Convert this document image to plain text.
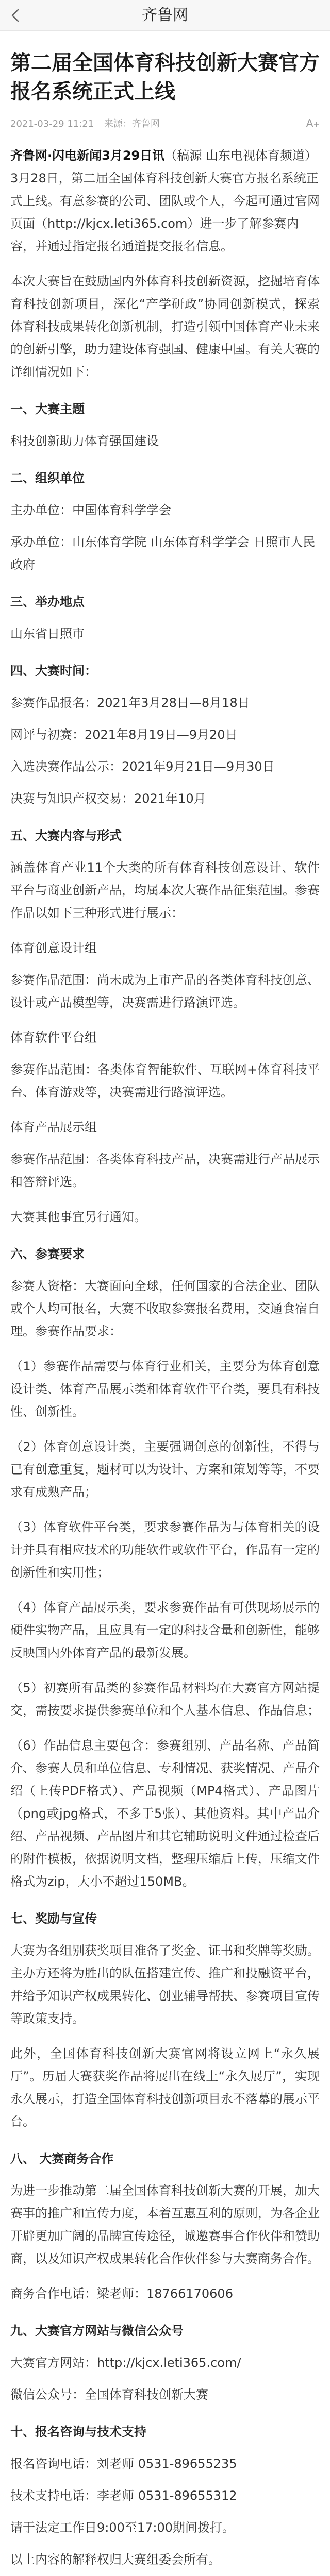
齐鲁网
第二届全国体育科技创新大赛官方报名系统正式上线
2021-03-29 11:21 来源：齐鲁网	A+

齐鲁网·闪电新闻3月29日讯（稿源 山东电视体育频道）3月28日，第二届全国体育科技创新大赛官方报名系统正式上线。有意参赛的公司、团队或个人，今起可通过官网页面（http://kjcx.leti365.com）进一步了解参赛内容，并通过指定报名通道提交报名信息。

本次大赛旨在鼓励国内外体育科技创新资源，挖掘培育体育科技创新项目，深化“产学研政”协同创新模式，探索体育科技成果转化创新机制，打造引领中国体育产业未来的创新引擎，助力建设体育强国、健康中国。有关大赛的详细情况如下：

一、大赛主题
科技创新助力体育强国建设
二、组织单位
主办单位：中国体育科学学会
承办单位：山东体育学院 山东体育科学学会 日照市人民政府
三、举办地点
山东省日照市
四、大赛时间：
参赛作品报名：2021年3月28日—8月18日
网评与初赛：2021年8月19日—9月20日
入选决赛作品公示：2021年9月21日—9月30日
决赛与知识产权交易：2021年10月
五、大赛内容与形式

涵盖体育产业11个大类的所有体育科技创意设计、软件平台与商业创新产品，均属本次大赛作品征集范围。参赛作品以如下三种形式进行展示：

体育创意设计组

参赛作品范围：尚未成为上市产品的各类体育科技创意、设计或产品模型等，决赛需进行路演评选。

体育软件平台组

参赛作品范围：各类体育智能软件、互联网+体育科技平台、体育游戏等，决赛需进行路演评选。

体育产品展示组

参赛作品范围：各类体育科技产品，决赛需进行产品展示和答辩评选。

大赛其他事宜另行通知。

六、参赛要求

参赛人资格：大赛面向全球，任何国家的合法企业、团队或个人均可报名，大赛不收取参赛报名费用，交通食宿自理。参赛作品要求：

（1）参赛作品需要与体育行业相关，主要分为体育创意设计类、体育产品展示类和体育软件平台类，要具有科技性、创新性。

（2）体育创意设计类，主要强调创意的创新性，不得与已有创意重复，题材可以为设计、方案和策划等等，不要求有成熟产品；

（3）体育软件平台类，要求参赛作品为与体育相关的设计并具有相应技术的功能软件或软件平台，作品有一定的创新性和实用性；

（4）体育产品展示类，要求参赛作品有可供现场展示的硬件实物产品，且应具有一定的科技含量和创新性，能够反映国内外体育产品的最新发展。

（5）初赛所有品类的参赛作品材料均在大赛官方网站提交，需按要求提供参赛单位和个人基本信息、作品信息；

（6）作品信息主要包含：参赛组别、产品名称、产品简介、参赛人员和单位信息、专利情况、获奖情况、产品介绍（上传PDF格式）、产品视频（MP4格式）、产品图片（png或jpg格式，不多于5张）、其他资料。其中产品介绍、产品视频、产品图片和其它辅助说明文件通过检查后的附件模板，依据说明文档，整理压缩后上传，压缩文件格式为zip，大小不超过150MB。

七、奖励与宣传

大赛为各组别获奖项目准备了奖金、证书和奖牌等奖励。主办方还将为胜出的队伍搭建宣传、推广和投融资平台，并给予知识产权成果转化、创业辅导帮扶、参赛项目宣传等政策支持。

此外，全国体育科技创新大赛官网将设立网上“永久展厅”。历届大赛获奖作品将展出在线上“永久展厅”，实现永久展示，打造全国体育科技创新项目永不落幕的展示平台。

八、 大赛商务合作

为进一步推动第二届全国体育科技创新大赛的开展，加大赛事的推广和宣传力度，本着互惠互利的原则，为各企业开辟更加广阔的品牌宣传途径，诚邀赛事合作伙伴和赞助商，以及知识产权成果转化合作伙伴参与大赛商务合作。

商务合作电话：梁老师：18766170606
九、大赛官方网站与微信公众号
大赛官方网站：http://kjcx.leti365.com/
微信公众号：全国体育科技创新大赛
十、报名咨询与技术支持
报名咨询电话：刘老师 0531-89655235
技术支持电话：李老师 0531-89655312
请于法定工作日9:00至17:00期间拨打。
以上内容的解释权归大赛组委会所有。
